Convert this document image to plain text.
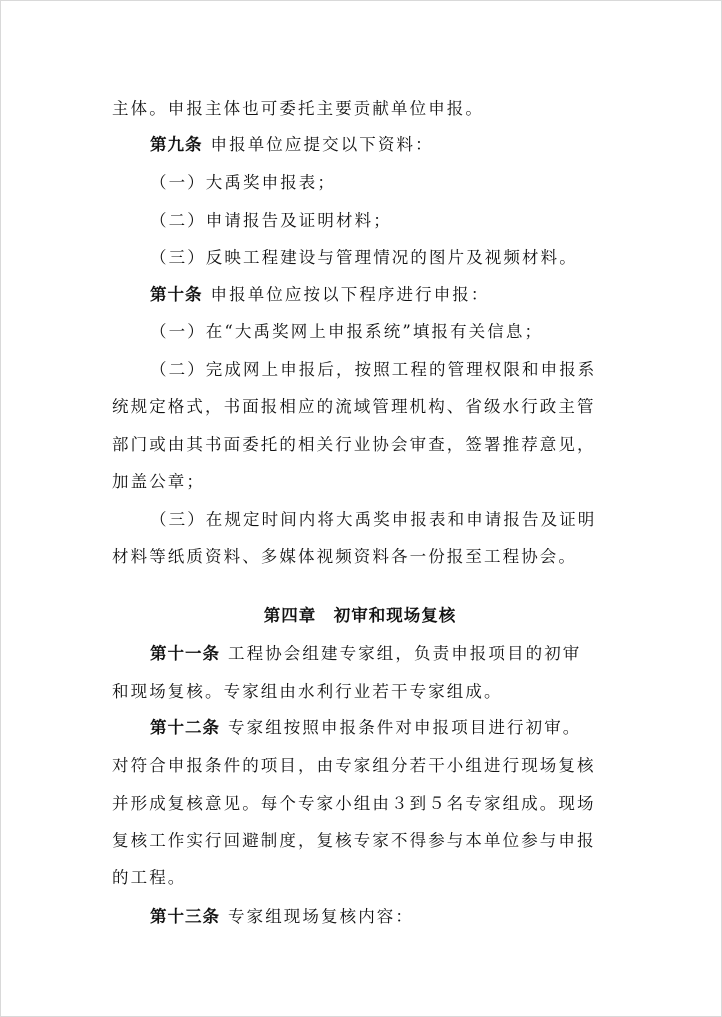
主体。申报主体也可委托主要贡献单位申报。
第九条 申报单位应提交以下资料：
（一）大禹奖申报表；
（二）申请报告及证明材料；
（三）反映工程建设与管理情况的图片及视频材料。
第十条 申报单位应按以下程序进行申报：
（一）在“大禹奖网上申报系统”填报有关信息；
（二）完成网上申报后，按照工程的管理权限和申报系
统规定格式，书面报相应的流域管理机构、省级水行政主管
部门或由其书面委托的相关行业协会审查，签署推荐意见，
加盖公章；
（三）在规定时间内将大禹奖申报表和申请报告及证明
材料等纸质资料、多媒体视频资料各一份报至工程协会。
第四章　初审和现场复核
第十一条 工程协会组建专家组，负责申报项目的初审
和现场复核。专家组由水利行业若干专家组成。
第十二条 专家组按照申报条件对申报项目进行初审。
对符合申报条件的项目，由专家组分若干小组进行现场复核
并形成复核意见。每个专家小组由３到５名专家组成。现场
复核工作实行回避制度，复核专家不得参与本单位参与申报
的工程。
第十三条 专家组现场复核内容：
